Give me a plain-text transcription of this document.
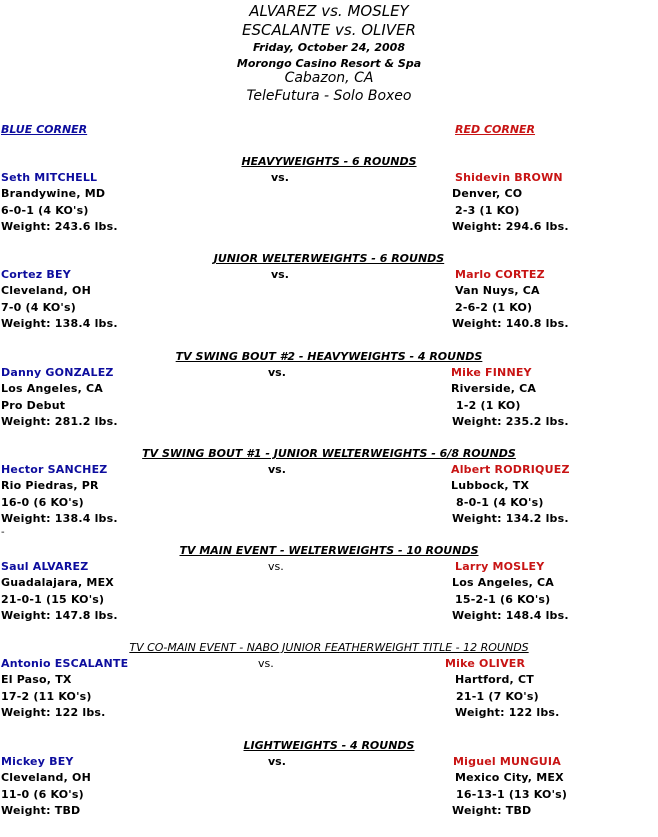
ALVAREZ vs. MOSLEY
ESCALANTE vs. OLIVER
Friday, October 24, 2008
Morongo Casino Resort & Spa
Cabazon, CA
TeleFutura - Solo Boxeo
BLUE CORNER	RED CORNER
-
HEAVYWEIGHTS - 6 ROUNDS
Seth MITCHELL	vs.	Shidevin BROWN
Brandywine, MD	Denver, CO
6-0-1 (4 KO's)	2-3 (1 KO)
Weight: 243.6 lbs.	Weight: 294.6 lbs.
JUNIOR WELTERWEIGHTS - 6 ROUNDS
Cortez BEY	vs.	Marlo CORTEZ
Cleveland, OH	Van Nuys, CA
7-0 (4 KO's)	2-6-2 (1 KO)
Weight: 138.4 lbs.	Weight: 140.8 lbs.
TV SWING BOUT #2 - HEAVYWEIGHTS - 4 ROUNDS
Danny GONZALEZ	vs.	Mike FINNEY
Los Angeles, CA	Riverside, CA
Pro Debut	1-2 (1 KO)
Weight: 281.2 lbs.	Weight: 235.2 lbs.
TV SWING BOUT #1 - JUNIOR WELTERWEIGHTS - 6/8 ROUNDS
Hector SANCHEZ	vs.	Albert RODRIQUEZ
Rio Piedras, PR	Lubbock, TX
16-0 (6 KO's)	8-0-1 (4 KO's)
Weight: 138.4 lbs.	Weight: 134.2 lbs.
TV MAIN EVENT - WELTERWEIGHTS - 10 ROUNDS
Saul ALVAREZ	vs.	Larry MOSLEY
Guadalajara, MEX	Los Angeles, CA
21-0-1 (15 KO's)	15-2-1 (6 KO's)
Weight: 147.8 lbs.	Weight: 148.4 lbs.
TV CO-MAIN EVENT - NABO JUNIOR FEATHERWEIGHT TITLE - 12 ROUNDS
Antonio ESCALANTE	vs.	Mike OLIVER
El Paso, TX	Hartford, CT
17-2 (11 KO's)	21-1 (7 KO's)
Weight: 122 lbs.	Weight: 122 lbs.
LIGHTWEIGHTS - 4 ROUNDS
Mickey BEY	vs.	Miguel MUNGUIA
Cleveland, OH	Mexico City, MEX
11-0 (6 KO's)	16-13-1 (13 KO's)
Weight: TBD	Weight: TBD
